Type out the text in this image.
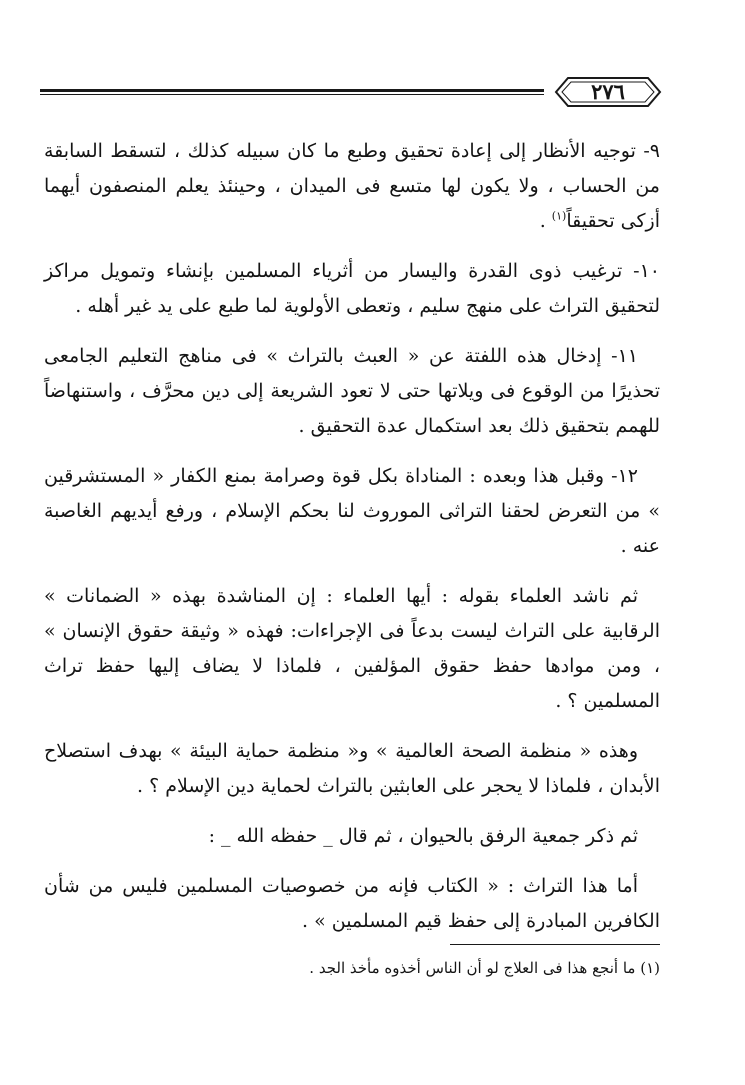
٢٧٦

٩- توجيه الأنظار إلى إعادة تحقيق وطبع ما كان سبيله كذلك ، لتسقط السابقة من الحساب ، ولا يكون لها متسع فى الميدان ، وحينئذ يعلم المنصفون أيهما أزكى تحقيقاً$^{(١)}$ .

١٠- ترغيب ذوى القدرة واليسار من أثرياء المسلمين بإنشاء وتمويل مراكز لتحقيق التراث على منهج سليم ، وتعطى الأولوية لما طبع على يد غير أهله .

١١- إدخال هذه اللفتة عن « العبث بالتراث » فى مناهج التعليم الجامعى تحذيرًا من الوقوع فى ويلاتها حتى لا تعود الشريعة إلى دين محرَّف ، واستنهاضاً للهمم بتحقيق ذلك بعد استكمال عدة التحقيق .

١٢- وقبل هذا وبعده : المناداة بكل قوة وصرامة بمنع الكفار « المستشرقين » من التعرض لحقنا التراثى الموروث لنا بحكم الإسلام ، ورفع أيديهم الغاصبة عنه .

ثم ناشد العلماء بقوله : أيها العلماء : إن المناشدة بهذه « الضمانات » الرقابية على التراث ليست بدعاً فى الإجراءات: فهذه « وثيقة حقوق الإنسان » ، ومن موادها حفظ حقوق المؤلفين ، فلماذا لا يضاف إليها حفظ تراث المسلمين ؟ .

وهذه « منظمة الصحة العالمية » و« منظمة حماية البيئة » بهدف استصلاح الأبدان ، فلماذا لا يحجر على العابثين بالتراث لحماية دين الإسلام ؟ .

ثم ذكر جمعية الرفق بالحيوان ، ثم قال _ حفظه الله _ :

أما هذا التراث : « الكتاب فإنه من خصوصيات المسلمين فليس من شأن الكافرين المبادرة إلى حفظ قيم المسلمين » .

(١) ما أنجع هذا فى العلاج لو أن الناس أخذوه مأخذ الجد .
